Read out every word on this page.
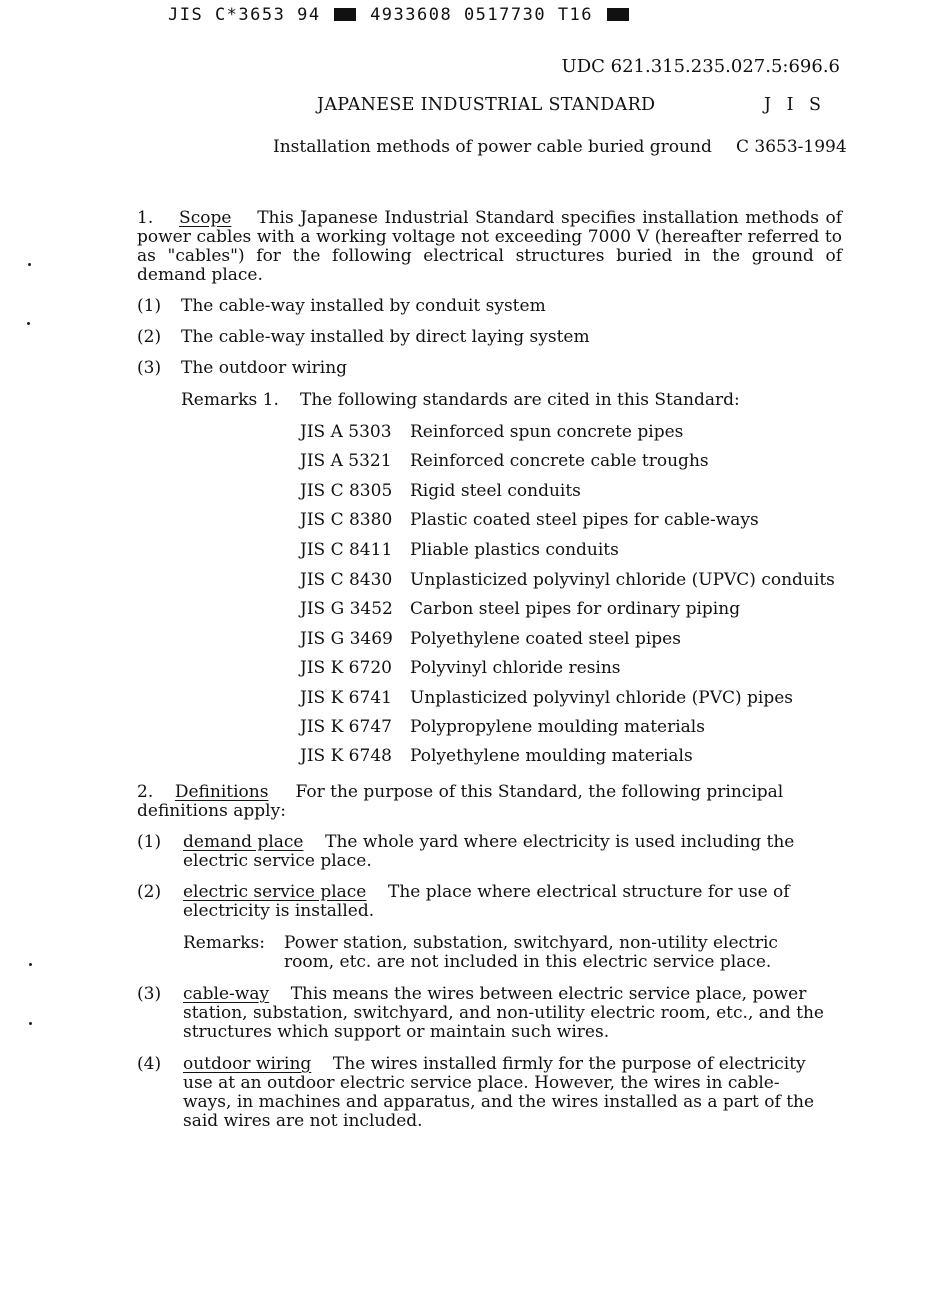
JIS C*3653 94	4933608 0517730 T16
UDC 621.315.235.027.5:696.6
JAPANESE INDUSTRIAL STANDARD	J I S
Installation methods of power cable buried ground C 3653-1994
1. Scope This Japanese Industrial Standard specifies installation methods of power cables with a working voltage not exceeding 7000 V (hereafter referred to as "cables") for the following electrical structures buried in the ground of demand place.
(1) The cable-way installed by conduit system
(2) The cable-way installed by direct laying system
(3) The outdoor wiring
Remarks 1. The following standards are cited in this Standard:
JIS A 5303 Reinforced spun concrete pipes
JIS A 5321 Reinforced concrete cable troughs
JIS C 8305 Rigid steel conduits
JIS C 8380 Plastic coated steel pipes for cable-ways
JIS C 8411 Pliable plastics conduits
JIS C 8430 Unplasticized polyvinyl chloride (UPVC) conduits
JIS G 3452 Carbon steel pipes for ordinary piping
JIS G 3469 Polyethylene coated steel pipes
JIS K 6720 Polyvinyl chloride resins
JIS K 6741 Unplasticized polyvinyl chloride (PVC) pipes
JIS K 6747 Polypropylene moulding materials
JIS K 6748 Polyethylene moulding materials
2. Definitions For the purpose of this Standard, the following principal definitions apply:
(1) demand place The whole yard where electricity is used including the electric service place.
(2) electric service place The place where electrical structure for use of electricity is installed.
Remarks: Power station, substation, switchyard, non-utility electric room, etc. are not included in this electric service place.
(3) cable-way This means the wires between electric service place, power station, substation, switchyard, and non-utility electric room, etc., and the structures which support or maintain such wires.
(4) outdoor wiring The wires installed firmly for the purpose of electricity use at an outdoor electric service place. However, the wires in cable-ways, in machines and apparatus, and the wires installed as a part of the said wires are not included.
